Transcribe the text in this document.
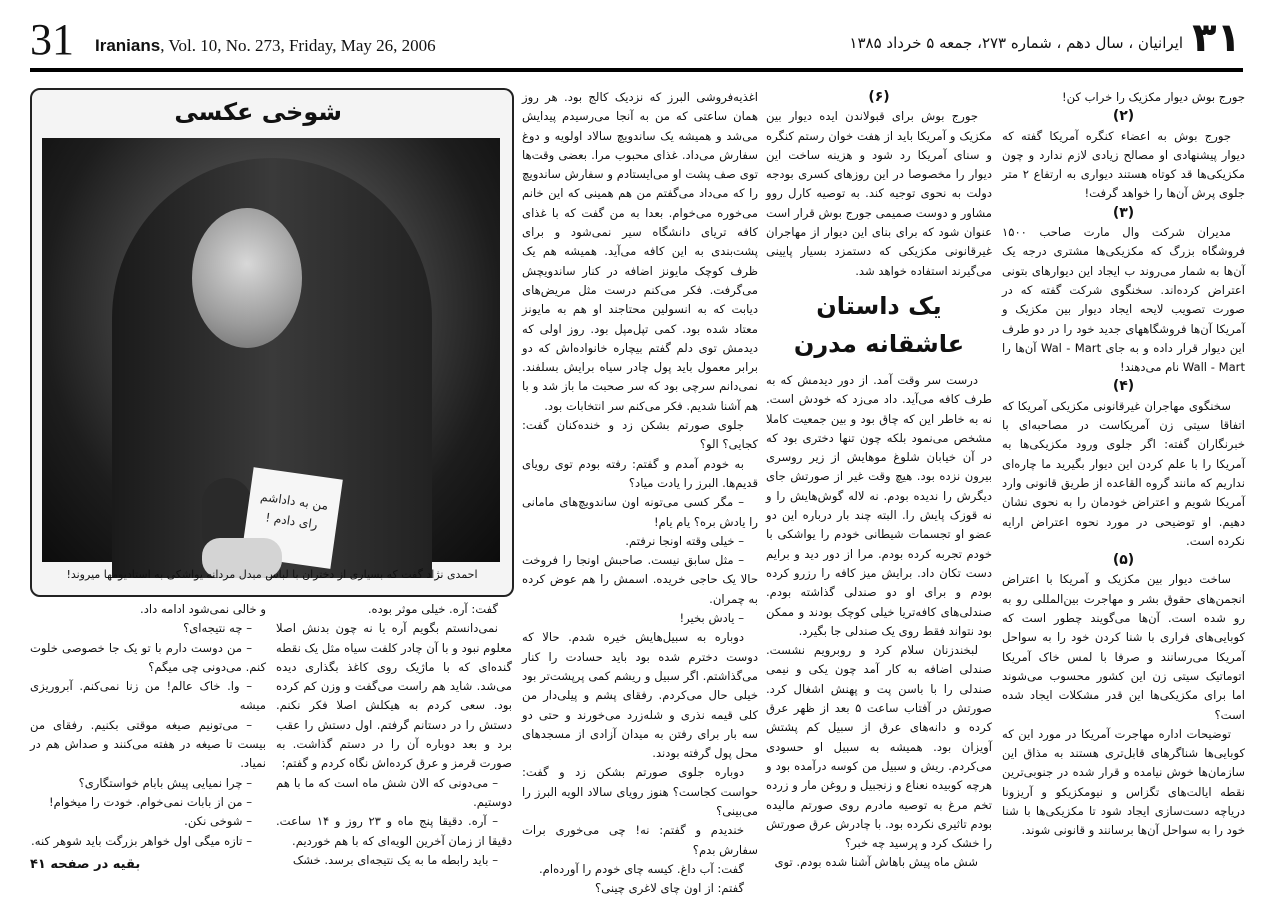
31 Iranians, Vol. 10, No. 273, Friday, May 26, 2006	۳۱
ایرانیان ، سال دهم ، شماره ۲۷۳، جمعه ۵ خرداد ۱۳۸۵
شوخی عکسی
من به داداشم
رای دادم !
احمدی نژاد گفت که بسیاری از دختران با لباس مبدل مردانه یواشکی به استادیومها میروند!

جورج بوش دیوار مکزیک را خراب کن!

(۲)

جورج بوش به اعضاء کنگره آمریکا گفته که دیوار پیشنهادی او مصالح زیادی لازم ندارد و چون مکزیکی‌ها قد کوتاه هستند دیواری به ارتفاع ۲ متر جلوی پرش آن‌ها را خواهد گرفت!

(۳)

مدیران شرکت وال مارت صاحب ۱۵۰۰ فروشگاه بزرگ که مکزیکی‌ها مشتری درجه یک آن‌ها به شمار می‌روند ب ایجاد این دیوارهای بتونی اعتراض کرده‌اند. سخنگوی شرکت گفته که در صورت تصویب لایحه ایجاد دیوار بین مکزیک و آمریکا آن‌ها فروشگاههای جدید خود را در دو طرف این دیوار قرار داده و به جای Wal - Mart آن‌ها را Wall - Mart نام می‌دهند!

(۴)

سخنگوی مهاجران غیرقانونی مکزیکی آمریکا که اتفاقا سیتی زن آمریکاست در مصاحبه‌ای با خبرنگاران گفته: اگر جلوی ورود مکزیکی‌ها به آمریکا را با علم کردن این دیوار بگیرید ما چاره‌ای نداریم که مانند گروه القاعده از طریق قانونی وارد آمریکا شویم و اعتراض خودمان را به نحوی نشان دهیم. او توضیحی در مورد نحوه اعتراض ارایه نکرده است.

(۵)

ساخت دیوار بین مکزیک و آمریکا با اعتراض انجمن‌های حقوق بشر و مهاجرت بین‌المللی رو به رو شده است. آن‌ها می‌گویند چطور است که کوبایی‌های فراری با شنا کردن خود را به سواحل آمریکا می‌رسانند و صرفا با لمس خاک آمریکا اتوماتیک سیتی زن این کشور محسوب می‌شوند اما برای مکزیکی‌ها این قدر مشکلات ایجاد شده است؟

توضیحات اداره مهاجرت آمریکا در مورد این که کوبایی‌ها شناگرهای قابل‌تری هستند به مذاق این سازمان‌ها خوش نیامده و قرار شده در جنوبی‌ترین نقطه ایالت‌های تگزاس و نیومکزیکو و آریزونا دریاچه دست‌سازی ایجاد شود تا مکزیکی‌ها با شنا خود را به سواحل آن‌ها برسانند و قانونی شوند.

(۶)

جورج بوش برای قبولاندن ایده دیوار بین مکزیک و آمریکا باید از هفت خوان رستم کنگره و سنای آمریکا رد شود و هزینه ساخت این دیوار را مخصوصا در این روزهای کسری بودجه دولت به نحوی توجیه کند. به توصیه کارل روو مشاور و دوست صمیمی جورج بوش قرار است عنوان شود که برای بنای این دیوار از مهاجران غیرقانونی مکزیکی که دستمزد بسیار پایینی می‌گیرند استفاده خواهد شد.

یک داستان عاشقانه مدرن

درست سر وقت آمد. از دور دیدمش که به طرف کافه می‌آید. داد می‌زد که خودش است. نه به خاطر این که چاق بود و بین جمعیت کاملا مشخص می‌نمود بلکه چون تنها دختری بود که در آن خیابان شلوغ موهایش از زیر روسری بیرون نزده بود. هیچ وقت غیر از صورتش جای دیگرش را ندیده بودم. نه لاله گوش‌هایش را و نه قوزک پایش را. البته چند بار درباره این دو عضو او تجسمات شیطانی خودم را یواشکی با خودم تجربه کرده بودم. مرا از دور دید و برایم دست تکان داد. برایش میز کافه را رزرو کرده بودم و برای او دو صندلی گذاشته بودم. صندلی‌های کافه‌تریا خیلی کوچک بودند و ممکن بود نتواند فقط روی یک صندلی جا بگیرد.

لبخندزنان سلام کرد و روبرویم نشست. صندلی اضافه به کار آمد چون یکی و نیمی صندلی را با باسن پت و پهنش اشغال کرد. صورتش در آفتاب ساعت ۵ بعد از ظهر عرق کرده و دانه‌های عرق از سبیل کم پشتش آویزان بود. همیشه به سبیل او حسودی می‌کردم. ریش و سبیل من کوسه درآمده بود و هرچه کوبیده نعناع و زنجبیل و روغن مار و زرده تخم مرغ به توصیه مادرم روی صورتم مالیده بودم تاثیری نکرده بود. با چادرش عرق صورتش را خشک کرد و پرسید چه خبر؟

شش ماه پیش باهاش آشنا شده بودم. توی

اغذیه‌فروشی البرز که نزدیک کالج بود. هر روز همان ساعتی که من به آنجا می‌رسیدم پیدایش می‌شد و همیشه یک ساندویچ سالاد اولویه و دوغ سفارش می‌داد. غذای محبوب مرا. بعضی وقت‌ها توی صف پشت او می‌ایستادم و سفارش ساندویچ را که می‌داد می‌گفتم من هم همینی که این خانم می‌خوره می‌خوام. بعدا به من گفت که با غذای کافه تریای دانشگاه سیر نمی‌شود و برای پشت‌بندی به این کافه می‌آید. همیشه هم یک ظرف کوچک مایونز اضافه در کنار ساندویچش می‌گرفت. فکر می‌کنم درست مثل مریض‌های دیابت که به انسولین محتاجند او هم به مایونز معتاد شده بود. کمی تپل‌مپل بود. روز اولی که دیدمش توی دلم گفتم بیچاره خانواده‌اش که دو برابر معمول باید پول چادر سیاه برایش بسلفند. نمی‌دانم سرچی بود که سر صحبت ما باز شد و با هم آشنا شدیم. فکر می‌کنم سر انتخابات بود.

جلوی صورتم بشکن زد و خنده‌کنان گفت: کجایی؟ الو؟

به خودم آمدم و گفتم: رفته بودم توی رویای قدیم‌ها. البرز را یادت میاد؟

– مگر کسی می‌تونه اون ساندویچ‌های مامانی را یادش بره؟ یام یام!

– خیلی وقته اونجا نرفتم.

– مثل سابق نیست. صاحبش اونجا را فروخت حالا یک حاجی خریده. اسمش را هم عوض کرده به چمران.

– یادش بخیر!

دوباره به سبیل‌هایش خیره شدم. حالا که دوست دخترم شده بود باید حسادت را کنار می‌گذاشتم. اگر سبیل و ریشم کمی پرپشت‌تر بود خیلی حال می‌کردم. رفقای پشم و پیلی‌دار من کلی قیمه نذری و شله‌زرد می‌خورند و حتی دو سه بار برای رفتن به میدان آزادی از مسجدهای محل پول گرفته بودند.

دوباره جلوی صورتم بشکن زد و گفت: حواست کجاست؟ هنوز رویای سالاد الویه البرز را می‌بینی؟

خندیدم و گفتم: نه! چی می‌خوری برات سفارش بدم؟

گفت: آب داغ. کیسه چای خودم را آورده‌ام.

گفتم: از اون چای لاغری چینی؟

گفت: آره. خیلی موثر بوده.

نمی‌دانستم بگویم آره یا نه چون بدنش اصلا معلوم نبود و با آن چادر کلفت سیاه مثل یک نقطه گنده‌ای که با ماژیک روی کاغذ بگذاری دیده می‌شد. شاید هم راست می‌گفت و وزن کم کرده بود. سعی کردم به هیکلش اصلا فکر نکنم. دستش را در دستانم گرفتم. اول دستش را عقب برد و بعد دوباره آن را در دستم گذاشت. به صورت قرمز و عرق کرده‌اش نگاه کردم و گفتم:

– می‌دونی که الان شش ماه است که ما با هم دوستیم.

– آره. دقیقا پنج ماه و ۲۳ روز و ۱۴ ساعت. دقیقا از زمان آخرین الویه‌ای که با هم خوردیم.

– باید رابطه ما به یک نتیجه‌ای برسد. خشک

و خالی نمی‌شود ادامه داد.

– چه نتیجه‌ای؟

– من دوست دارم با تو یک جا خصوصی خلوت کنم. می‌دونی چی میگم؟

– وا. خاک عالم! من زنا نمی‌کنم. آبروریزی میشه

– می‌تونیم صیغه موقتی بکنیم. رفقای من بیست تا صیغه در هفته می‌کنند و صداش هم در نمیاد.

– چرا نمیایی پیش بابام خواستگاری؟

– من از بابات نمی‌خوام. خودت را میخوام!

– شوخی نکن.

– تازه میگی اول خواهر بزرگت باید شوهر کنه.

بقیه در صفحه ۴۱
